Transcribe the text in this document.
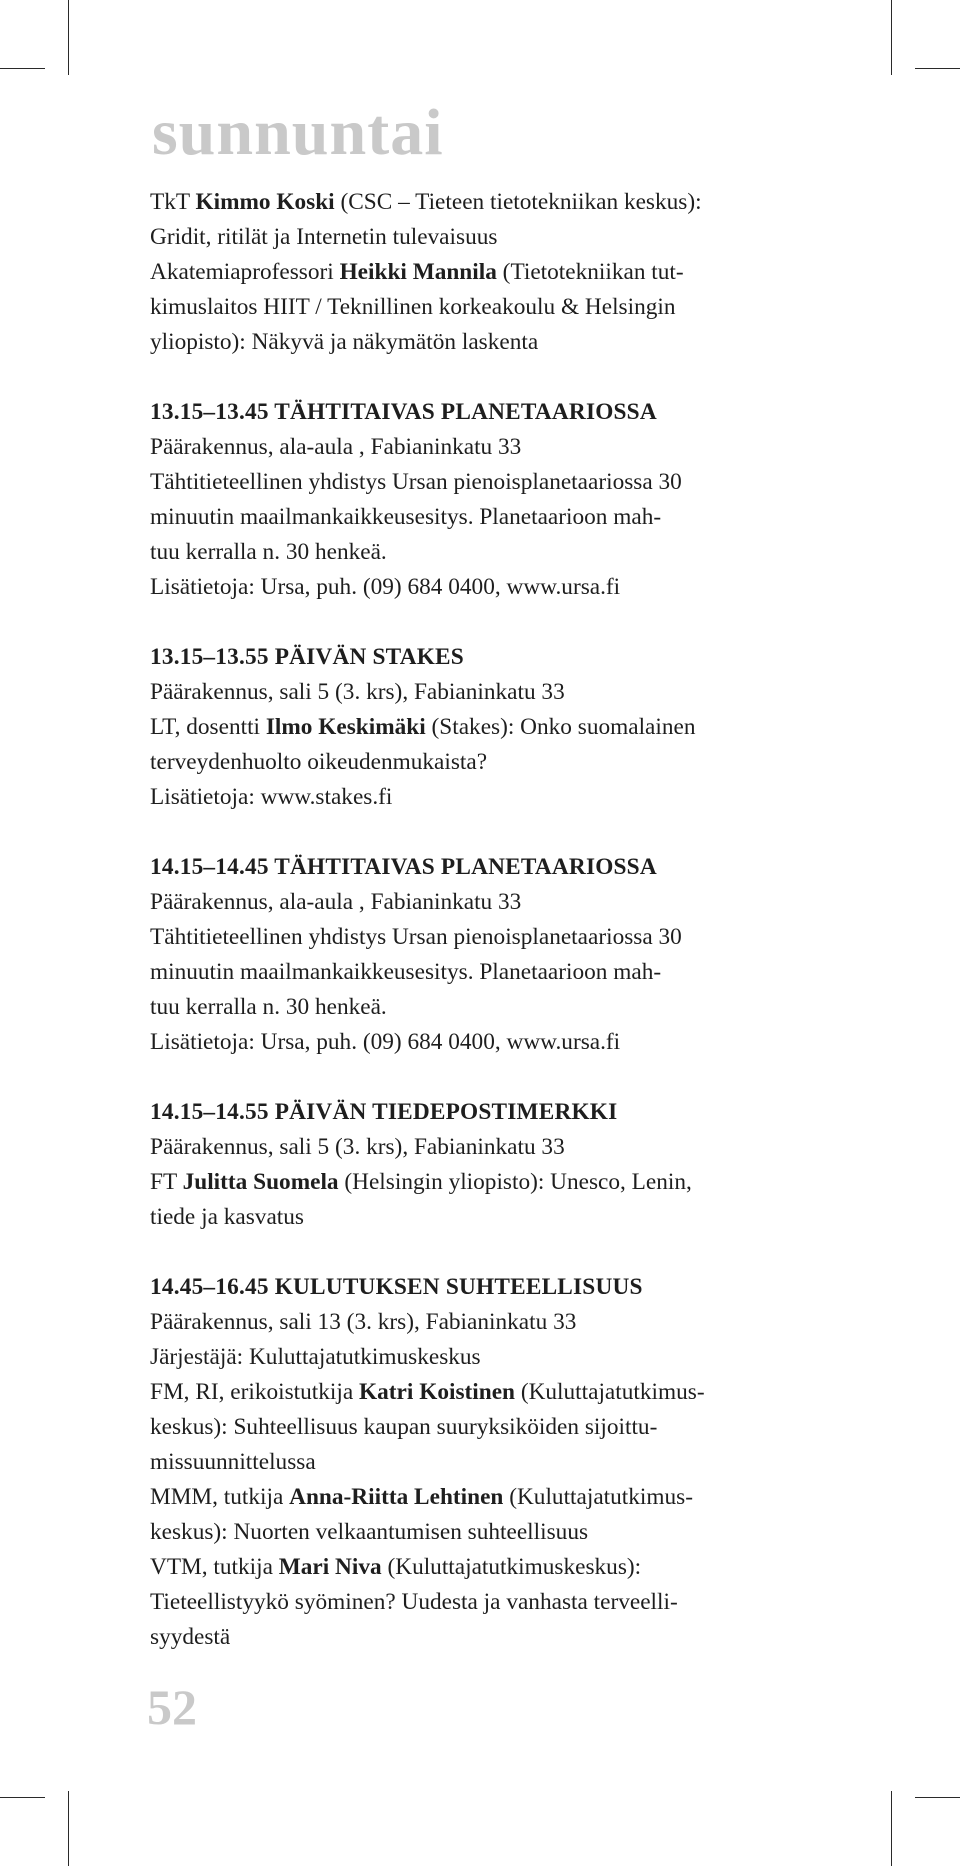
sunnuntai
TkT Kimmo Koski (CSC – Tieteen tietotekniikan keskus):
Gridit, ritilät ja Internetin tulevaisuus
Akatemiaprofessori Heikki Mannila (Tietotekniikan tut-
kimuslaitos HIIT / Teknillinen korkeakoulu & Helsingin
yliopisto): Näkyvä ja näkymätön laskenta
13.15–13.45 TÄHTITAIVAS PLANETAARIOSSA
Päärakennus, ala-aula , Fabianinkatu 33
Tähtitieteellinen yhdistys Ursan pienoisplanetaariossa 30
minuutin maailmankaikkeusesitys. Planetaarioon mah-
tuu kerralla n. 30 henkeä.
Lisätietoja: Ursa, puh. (09) 684 0400, www.ursa.fi
13.15–13.55 PÄIVÄN STAKES
Päärakennus, sali 5 (3. krs), Fabianinkatu 33
LT, dosentti Ilmo Keskimäki (Stakes): Onko suomalainen
terveydenhuolto oikeudenmukaista?
Lisätietoja: www.stakes.fi
14.15–14.45 TÄHTITAIVAS PLANETAARIOSSA
Päärakennus, ala-aula , Fabianinkatu 33
Tähtitieteellinen yhdistys Ursan pienoisplanetaariossa 30
minuutin maailmankaikkeusesitys. Planetaarioon mah-
tuu kerralla n. 30 henkeä.
Lisätietoja: Ursa, puh. (09) 684 0400, www.ursa.fi
14.15–14.55 PÄIVÄN TIEDEPOSTIMERKKI
Päärakennus, sali 5 (3. krs), Fabianinkatu 33
FT Julitta Suomela (Helsingin yliopisto): Unesco, Lenin,
tiede ja kasvatus
14.45–16.45 KULUTUKSEN SUHTEELLISUUS
Päärakennus, sali 13 (3. krs), Fabianinkatu 33
Järjestäjä: Kuluttajatutkimuskeskus
FM, RI, erikoistutkija Katri Koistinen (Kuluttajatutkimus-
keskus): Suhteellisuus kaupan suuryksiköiden sijoittu-
missuunnittelussa
MMM, tutkija Anna-Riitta Lehtinen (Kuluttajatutkimus-
keskus): Nuorten velkaantumisen suhteellisuus
VTM, tutkija Mari Niva (Kuluttajatutkimuskeskus):
Tieteellistyykö syöminen? Uudesta ja vanhasta terveelli-
syydestä
52
